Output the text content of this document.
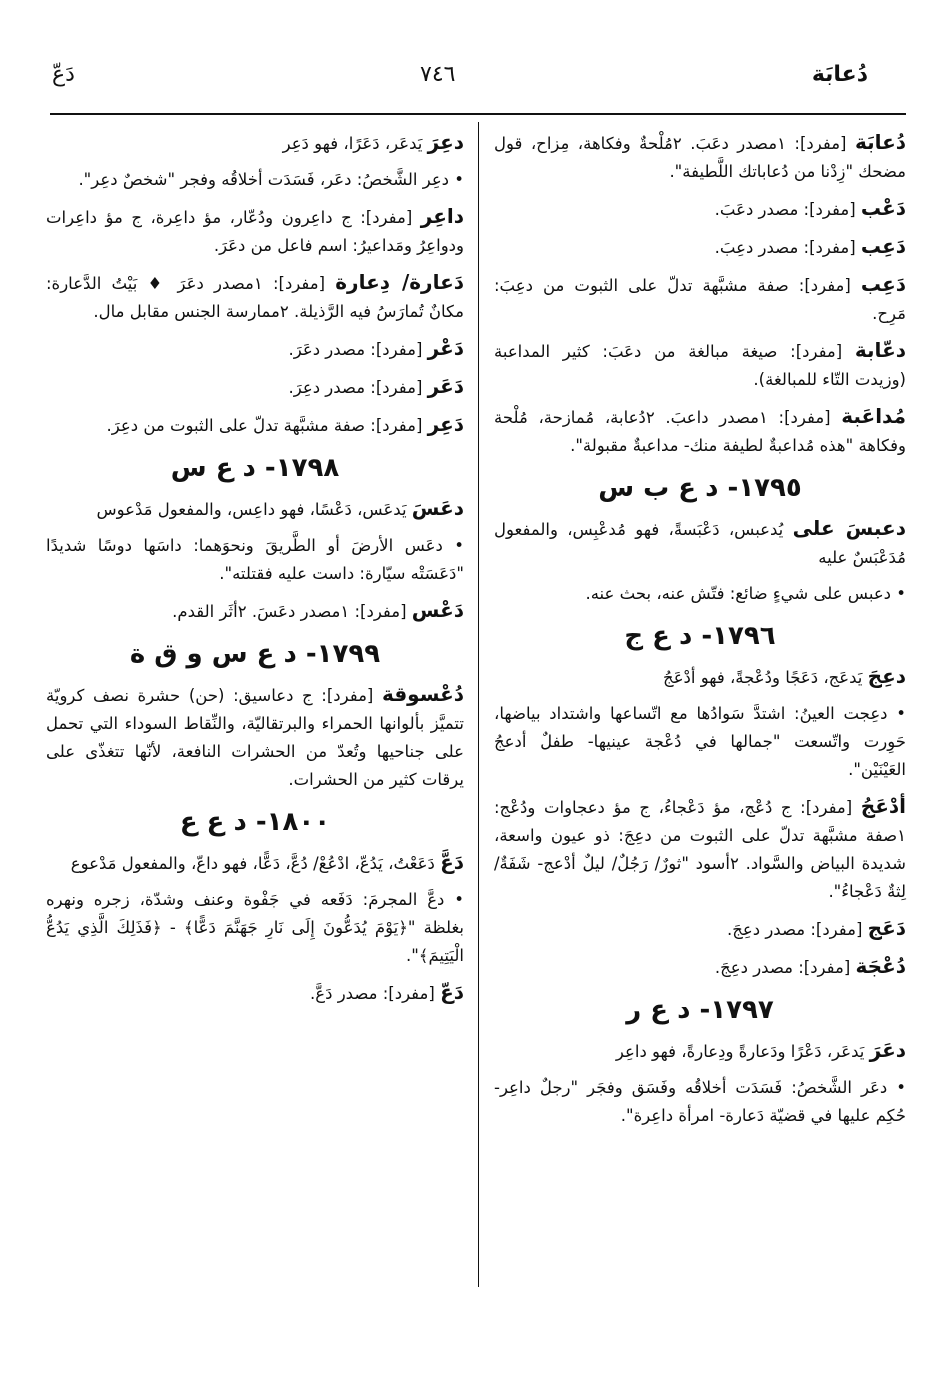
دُعابَة
٧٤٦
دَعّ

دُعابَة [مفرد]: ١مصدر دعَبَ. ٢مُلْحةٌ وفكاهة، مِزاح، قول مضحك "زِدْنا من دُعاباتك اللَّطيفة".

دَعْب [مفرد]: مصدر دعَبَ.

دَعِب [مفرد]: مصدر دعِبَ.

دَعِب [مفرد]: صفة مشبَّهة تدلّ على الثبوت من دعِبَ: مَرِح.

دعّابة [مفرد]: صيغة مبالغة من دعَبَ: كثير المداعبة (وزيدت التّاء للمبالغة).

مُداعَبة [مفرد]: ١مصدر داعبَ. ٢دُعابة، مُمازحة، مُلْحة وفكاهة "هذه مُداعبةٌ لطيفة منك- مداعبةٌ مقبولة".

١٧٩٥- د ع ب س

دعبسَ على يُدعبس، دَعْبَسةً، فهو مُدعْبِس، والمفعول مُدَعْبَسٌ عليه

• دعبس على شيءٍ ضائع: فتّش عنه، بحث عنه.

١٧٩٦- د ع ج

دعِجَ يَدعَج، دَعَجًا ودُعْجةً، فهو أدْعَجُ

• دعِجت العينُ: اشتدَّ سَوادُها مع اتّساعها واشتداد بياضها، حَوِرت واتّسعت "جمالها في دُعْجة عينيها- طفلٌ أدعجُ العَيْنَيْن".

أدْعَجُ [مفرد]: ج دُعْج، مؤ دَعْجاءُ، ج مؤ دعجاوات ودُعْج: ١صفة مشبَّهة تدلّ على الثبوت من دعِجَ: ذو عيون واسعة، شديدة البياض والسَّواد. ٢أسود "ثورٌ/ رَجُلٌ/ ليلٌ أدْعج- شَفَةٌ/ لِثةٌ دَعْجاءُ".

دَعَج [مفرد]: مصدر دعِجَ.

دُعْجَة [مفرد]: مصدر دعِجَ.

١٧٩٧- د ع ر

دعَرَ يَدعَر، دَعْرًا ودَعارةً ودِعارةً، فهو داعِر

• دعَر الشَّخصُ: فَسَدَت أخلاقُه وفَسَق وفجَر "رجلٌ داعِر- حُكِم عليها في قضيّة دَعارة- امرأة داعِرة".

دعِرَ يَدعَر، دَعَرًا، فهو دَعِر

• دعِر الشَّخصُ: دعَر، فَسَدَت أخلاقُه وفجر "شخصٌ دعِر".

داعِر [مفرد]: ج داعِرون ودُعّار، مؤ داعِرة، ج مؤ داعِرات ودواعِرُ ومَداعيرُ: اسم فاعل من دعَرَ.

دَعارة/ دِعارة [مفرد]: ١مصدر دعَرَ ♦ بَيْتُ الدَّعارة: مكانٌ تُمارَسُ فيه الرَّذيلة. ٢ممارسة الجنس مقابل مال.

دَعْر [مفرد]: مصدر دعَرَ.

دَعَر [مفرد]: مصدر دعِرَ.

دَعِر [مفرد]: صفة مشبَّهة تدلّ على الثبوت من دعِرَ.

١٧٩٨- د ع س

دعَسَ يَدعَس، دَعْسًا، فهو داعِس، والمفعول مَدْعوس

• دعَس الأرضَ أو الطَّريقَ ونحوَهما: داسَها دوسًا شديدًا "دَعَسَتْه سيّارة: داست عليه فقتلته".

دَعْس [مفرد]: ١مصدر دعَسَ. ٢أثَر القدم.

١٧٩٩- د ع س و ق ة

دُعْسوقة [مفرد]: ج دعاسيق: (حن) حشرة نصف كرويّة تتميَّز بألوانها الحمراء والبرتقاليّة، والنِّقاط السوداء التي تحمل على جناحيها وتُعدّ من الحشرات النافعة، لأنّها تتغذّى على يرقات كثير من الحشرات.

١٨٠٠- د ع ع

دَعَّ دَعَعْتُ، يَدُعّ، ادْعُعْ/ دُعَّ، دَعًّا، فهو داعّ، والمفعول مَدْعوع

• دعَّ المجرمَ: دَفَعه في جَفْوة وعنف وشدّة، زجره ونهره بغلظة "﴿يَوْمَ يُدَعُّونَ إِلَى نَارِ جَهَنَّمَ دَعًّا﴾ - ﴿فَذَلِكَ الَّذِي يَدُعُّ الْيَتِيمَ﴾".

دَعّ [مفرد]: مصدر دَعَّ.
